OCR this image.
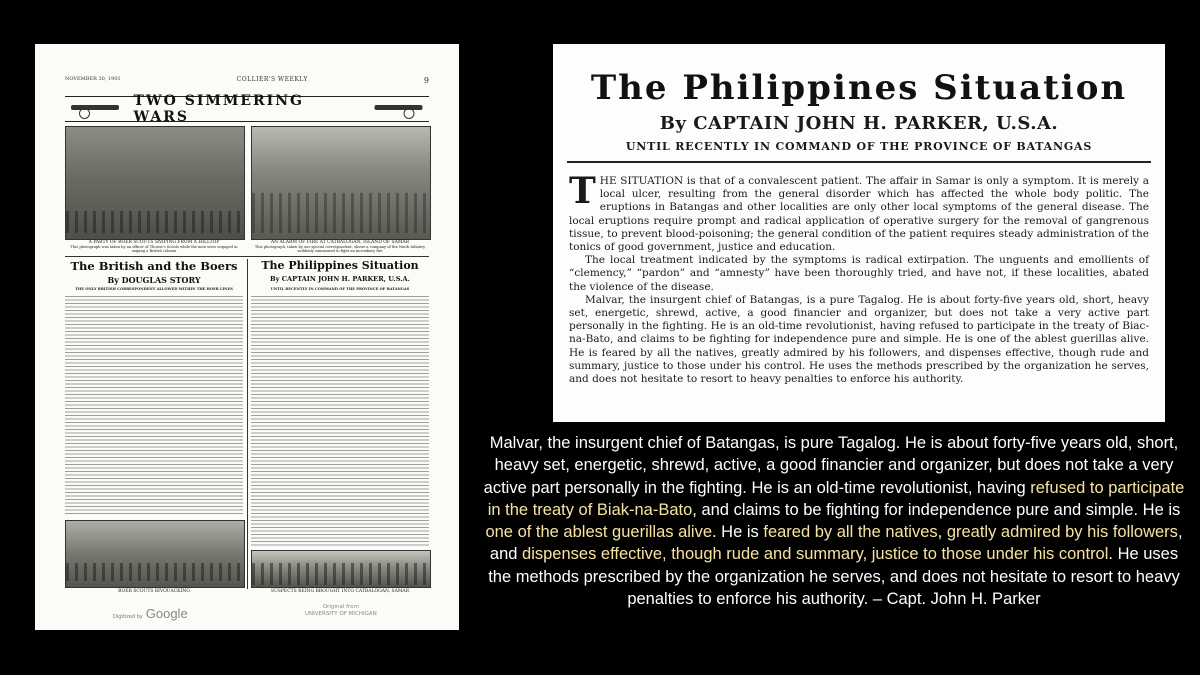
NOVEMBER 30, 1901	COLLIER'S WEEKLY	9
TWO SIMMERING WARS
A PARTY OF BOER SCOUTS SNIPING FROM A HILLTOP
This photograph was taken by an officer of Thorne's Scouts while the men were engaged in sniping a British column
AN ALARM OF FIRE AT CATBALOGAN, ISLAND OF SAMAR
This photograph, taken by our special correspondent, shows a company of the Ninth Infantry suddenly summoned to fight an incendiary fire
The British and the Boers
By DOUGLAS STORY
THE ONLY BRITISH CORRESPONDENT ALLOWED WITHIN THE BOER LINES
The Philippines Situation
By CAPTAIN JOHN H. PARKER, U.S.A.
UNTIL RECENTLY IN COMMAND OF THE PROVINCE OF BATANGAS
BOER SCOUTS BIVOUACKING	SUSPECTS BEING BROUGHT INTO CATBALOGAN, SAMAR
Digitized by Google	Original from
UNIVERSITY OF MICHIGAN
The Philippines Situation
By CAPTAIN JOHN H. PARKER, U.S.A.
UNTIL RECENTLY IN COMMAND OF THE PROVINCE OF BATANGAS

THE SITUATION is that of a convalescent patient. The affair in Samar is only a symptom. It is merely a local ulcer, resulting from the general disorder which has affected the whole body politic. The eruptions in Batangas and other localities are only other local symptoms of the general disease. The local eruptions require prompt and radical application of operative surgery for the removal of gangrenous tissue, to prevent blood-poisoning; the general condition of the patient requires steady administration of the tonics of good government, justice and education.

The local treatment indicated by the symptoms is radical extirpation. The unguents and emollients of “clemency,” “pardon” and “amnesty” have been thoroughly tried, and have not, if these localities, abated the violence of the disease.

Malvar, the insurgent chief of Batangas, is a pure Tagalog. He is about forty-five years old, short, heavy set, energetic, shrewd, active, a good financier and organizer, but does not take a very active part personally in the fighting. He is an old-time revolutionist, having refused to participate in the treaty of Biac-na-Bato, and claims to be fighting for independence pure and simple. He is one of the ablest guerillas alive. He is feared by all the natives, greatly admired by his followers, and dispenses effective, though rude and summary, justice to those under his control. He uses the methods prescribed by the organization he serves, and does not hesitate to resort to heavy penalties to enforce his authority.

Malvar, the insurgent chief of Batangas, is pure Tagalog. He is about forty-five years old, short, heavy set, energetic, shrewd, active, a good financier and organizer, but does not take a very active part personally in the fighting. He is an old-time revolutionist, having refused to participate in the treaty of Biak-na-Bato, and claims to be fighting for independence pure and simple. He is one of the ablest guerillas alive. He is feared by all the natives, greatly admired by his followers, and dispenses effective, though rude and summary, justice to those under his control. He uses the methods prescribed by the organization he serves, and does not hesitate to resort to heavy penalties to enforce his authority. – Capt. John H. Parker
